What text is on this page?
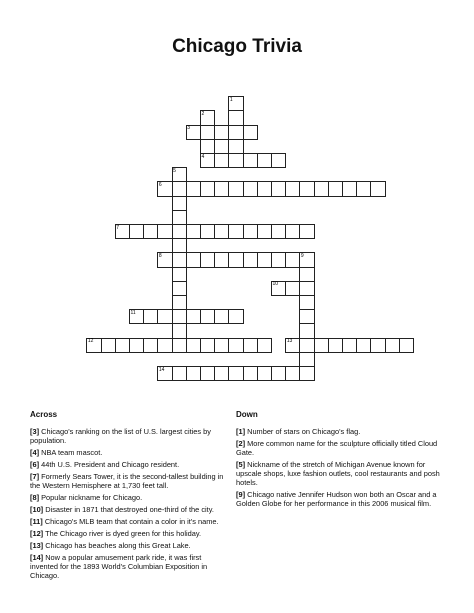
Chicago Trivia
1
2
3
4
5
6
7
8	9
10
11
12	13
14
Across
[3] Chicago's ranking on the list of U.S. largest cities by population.
[4] NBA team mascot.
[6] 44th U.S. President and Chicago resident.
[7] Formerly Sears Tower, it is the second-tallest building in the Western Hemisphere at 1,730 feet tall.
[8] Popular nickname for Chicago.
[10] Disaster in 1871 that destroyed one-third of the city.
[11] Chicago's MLB team that contain a color in it's name.
[12] The Chicago river is dyed green for this holiday.
[13] Chicago has beaches along this Great Lake.
[14] Now a popular amusement park ride, it was first invented for the 1893 World's Columbian Exposition in Chicago.
Down
[1] Number of stars on Chicago's flag.
[2] More common name for the sculpture officially titled Cloud Gate.
[5] Nickname of the stretch of Michigan Avenue known for upscale shops, luxe fashion outlets, cool restaurants and posh hotels.
[9] Chicago native Jennifer Hudson won both an Oscar and a Golden Globe for her performance in this 2006 musical film.
